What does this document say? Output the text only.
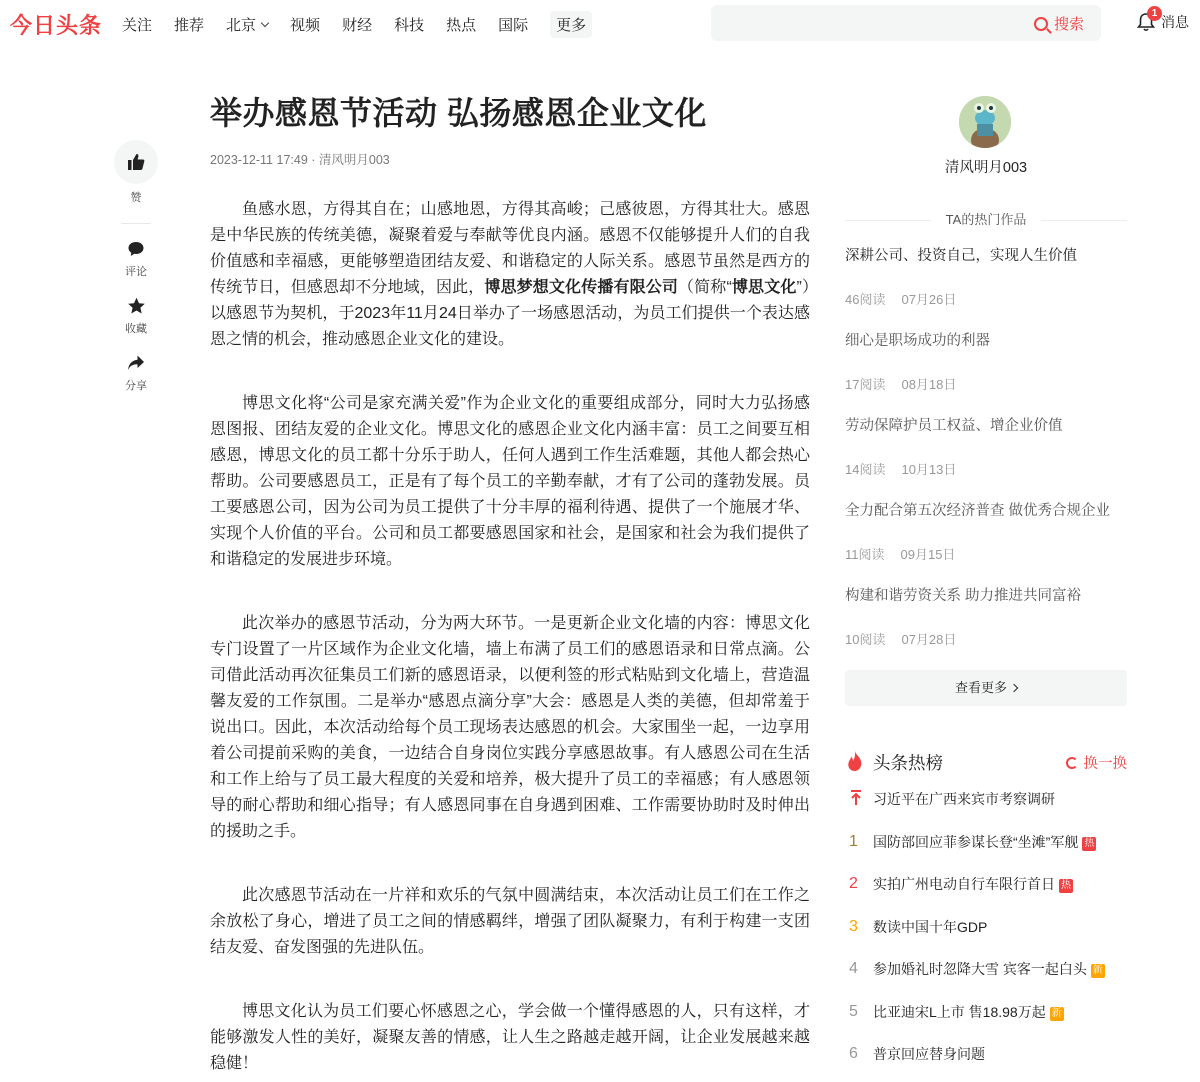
今日头条 关注 推荐 北京 视频 财经 科技 热点 国际	更多	搜索
1
消息
赞
评论
收藏
分享
举办感恩节活动 弘扬感恩企业文化
2023-12-11 17:49 · 清风明月003

鱼感水恩，方得其自在；山感地恩，方得其高峻；己感彼恩，方得其壮大。感恩是中华民族的传统美德，凝聚着爱与奉献等优良内涵。感恩不仅能够提升人们的自我价值感和幸福感，更能够塑造团结友爱、和谐稳定的人际关系。感恩节虽然是西方的传统节日，但感恩却不分地域，因此，博思梦想文化传播有限公司（简称“博思文化”）以感恩节为契机，于2023年11月24日举办了一场感恩活动，为员工们提供一个表达感恩之情的机会，推动感恩企业文化的建设。

博思文化将“公司是家充满关爱”作为企业文化的重要组成部分，同时大力弘扬感恩图报、团结友爱的企业文化。博思文化的感恩企业文化内涵丰富：员工之间要互相感恩，博思文化的员工都十分乐于助人，任何人遇到工作生活难题，其他人都会热心帮助。公司要感恩员工，正是有了每个员工的辛勤奉献，才有了公司的蓬勃发展。员工要感恩公司，因为公司为员工提供了十分丰厚的福利待遇、提供了一个施展才华、实现个人价值的平台。公司和员工都要感恩国家和社会，是国家和社会为我们提供了和谐稳定的发展进步环境。

此次举办的感恩节活动，分为两大环节。一是更新企业文化墙的内容：博思文化专门设置了一片区域作为企业文化墙，墙上布满了员工们的感恩语录和日常点滴。公司借此活动再次征集员工们新的感恩语录，以便利签的形式粘贴到文化墙上，营造温馨友爱的工作氛围。二是举办“感恩点滴分享”大会：感恩是人类的美德，但却常羞于说出口。因此，本次活动给每个员工现场表达感恩的机会。大家围坐一起，一边享用着公司提前采购的美食，一边结合自身岗位实践分享感恩故事。有人感恩公司在生活和工作上给与了员工最大程度的关爱和培养，极大提升了员工的幸福感；有人感恩领导的耐心帮助和细心指导；有人感恩同事在自身遇到困难、工作需要协助时及时伸出的援助之手。

此次感恩节活动在一片祥和欢乐的气氛中圆满结束，本次活动让员工们在工作之余放松了身心，增进了员工之间的情感羁绊，增强了团队凝聚力，有利于构建一支团结友爱、奋发图强的先进队伍。

博思文化认为员工们要心怀感恩之心，学会做一个懂得感恩的人，只有这样，才能够激发人性的美好，凝聚友善的情感，让人生之路越走越开阔，让企业发展越来越稳健！

清风明月003
TA的热门作品
深耕公司、投资自己，实现人生价值
46阅读 07月26日
细心是职场成功的利器
17阅读 08月18日
劳动保障护员工权益、增企业价值
14阅读 10月13日
全力配合第五次经济普查 做优秀合规企业
11阅读 09月15日
构建和谐劳资关系 助力推进共同富裕
10阅读 07月28日
查看更多
头条热榜	换一换
习近平在广西来宾市考察调研
1	国防部回应菲参谋长登“坐滩”军舰 热
2	实拍广州电动自行车限行首日 热
3	数读中国十年GDP
4	参加婚礼时忽降大雪 宾客一起白头 新
5	比亚迪宋L上市 售18.98万起 新
6	普京回应替身问题
